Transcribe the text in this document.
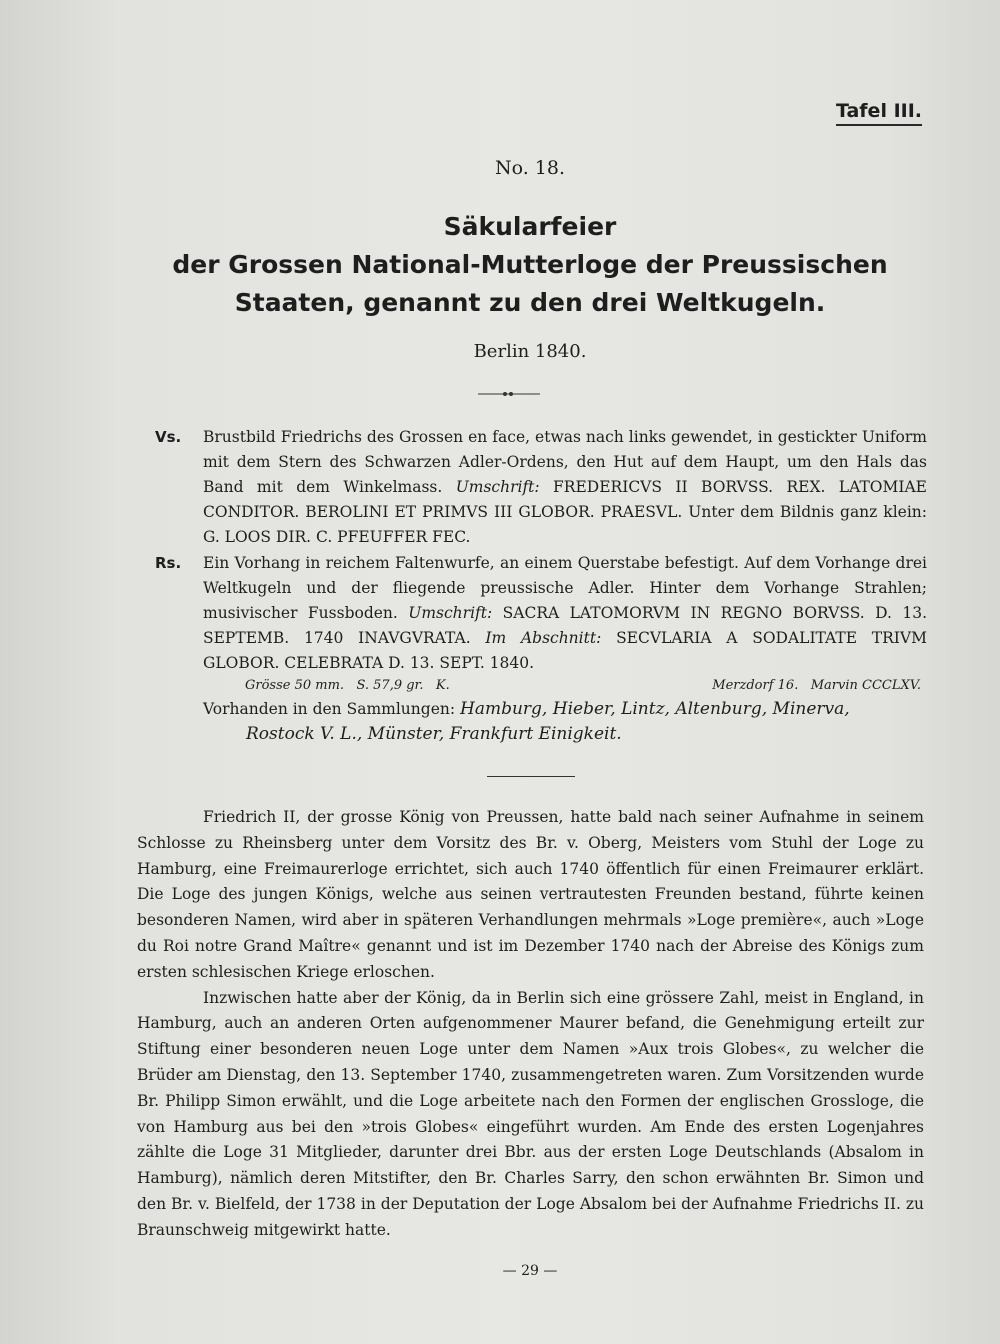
Tafel III.

No. 18.

Säkularfeier
der Grossen National-Mutterloge der Preussischen
Staaten, genannt zu den drei Weltkugeln.

Berlin 1840.

Vs. Brustbild Friedrichs des Grossen en face, etwas nach links gewendet, in gestickter Uniform mit dem Stern des Schwarzen Adler-Ordens, den Hut auf dem Haupt, um den Hals das Band mit dem Winkelmass. Umschrift: FREDERICVS II BORVSS. REX. LATOMIAE CONDITOR. BEROLINI ET PRIMVS III GLOBOR. PRAESVL. Unter dem Bildnis ganz klein: G. LOOS DIR. C. PFEUFFER FEC.
Rs. Ein Vorhang in reichem Faltenwurfe, an einem Querstabe befestigt. Auf dem Vorhange drei Weltkugeln und der fliegende preussische Adler. Hinter dem Vorhange Strahlen; musivischer Fussboden. Umschrift: SACRA LATOMORVM IN REGNO BORVSS. D. 13. SEPTEMB. 1740 INAVGVRATA. Im Abschnitt: SECVLARIA A SODALITATE TRIVM GLOBOR. CELEBRATA D. 13. SEPT. 1840.
Grösse 50 mm.   S. 57,9 gr.   K.	Merzdorf 16.   Marvin CCCLXV.
Vorhanden in den Sammlungen: Hamburg, Hieber, Lintz, Altenburg, Minerva,
Rostock V. L., Münster, Frankfurt Einigkeit.

Friedrich II, der grosse König von Preussen, hatte bald nach seiner Aufnahme in seinem Schlosse zu Rheinsberg unter dem Vorsitz des Br. v. Oberg, Meisters vom Stuhl der Loge zu Hamburg, eine Freimaurerloge errichtet, sich auch 1740 öffentlich für einen Freimaurer erklärt. Die Loge des jungen Königs, welche aus seinen vertrautesten Freunden bestand, führte keinen besonderen Namen, wird aber in späteren Verhandlungen mehrmals »Loge première«, auch »Loge du Roi notre Grand Maître« genannt und ist im Dezember 1740 nach der Abreise des Königs zum ersten schlesischen Kriege erloschen.

Inzwischen hatte aber der König, da in Berlin sich eine grössere Zahl, meist in England, in Hamburg, auch an anderen Orten aufgenommener Maurer befand, die Genehmigung erteilt zur Stiftung einer besonderen neuen Loge unter dem Namen »Aux trois Globes«, zu welcher die Brüder am Dienstag, den 13. September 1740, zusammengetreten waren. Zum Vorsitzenden wurde Br. Philipp Simon erwählt, und die Loge arbeitete nach den Formen der englischen Grossloge, die von Hamburg aus bei den »trois Globes« eingeführt wurden. Am Ende des ersten Logenjahres zählte die Loge 31 Mitglieder, darunter drei Bbr. aus der ersten Loge Deutschlands (Absalom in Hamburg), nämlich deren Mitstifter, den Br. Charles Sarry, den schon erwähnten Br. Simon und den Br. v. Bielfeld, der 1738 in der Deputation der Loge Absalom bei der Aufnahme Friedrichs II. zu Braunschweig mitgewirkt hatte.

— 29 —
